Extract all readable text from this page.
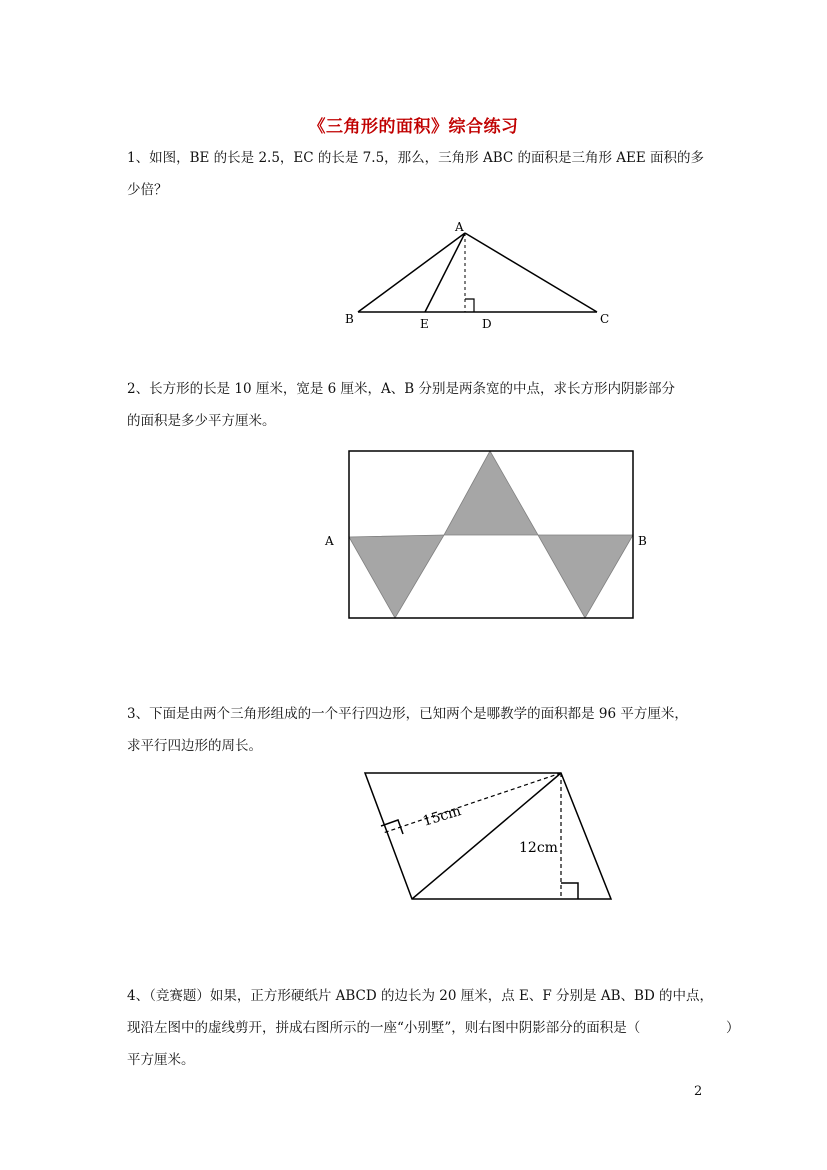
《三角形的面积》综合练习
1、如图，BE 的长是 2.5，EC 的长是 7.5，那么，三角形 ABC 的面积是三角形 AEE 面积的多
少倍？
A
B	E	D	C
A	B
15cm
12cm
2、长方形的长是 10 厘米，宽是 6 厘米，A、B 分别是两条宽的中点，求长方形内阴影部分
的面积是多少平方厘米。
3、下面是由两个三角形组成的一个平行四边形，已知两个是哪教学的面积都是 96 平方厘米，
求平行四边形的周长。
4、（竞赛题）如果，正方形硬纸片 ABCD 的边长为 20 厘米，点 E、F 分别是 AB、BD 的中点，
现沿左图中的虚线剪开，拼成右图所示的一座“小别墅”，则右图中阴影部分的面积是（	）
平方厘米。
2
